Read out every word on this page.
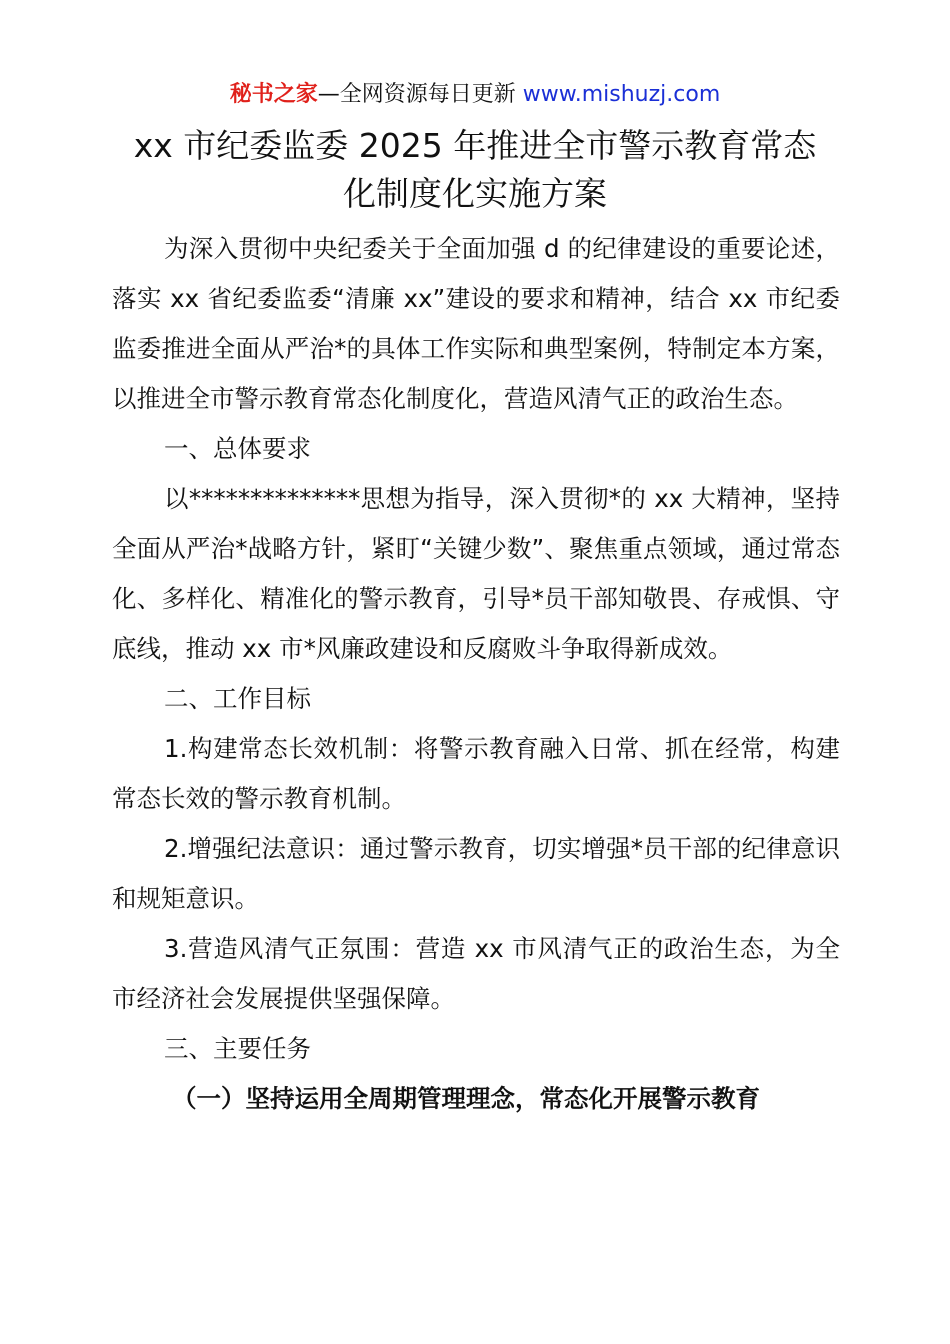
秘书之家—全网资源每日更新 www.mishuzj.com
xx 市纪委监委 2025 年推进全市警示教育常态
化制度化实施方案

为深入贯彻中央纪委关于全面加强 d 的纪律建设的重要论述，落实 xx 省纪委监委“清廉 xx”建设的要求和精神，结合 xx 市纪委监委推进全面从严治*的具体工作实际和典型案例，特制定本方案，以推进全市警示教育常态化制度化，营造风清气正的政治生态。

一、总体要求

以**************思想为指导，深入贯彻*的 xx 大精神，坚持全面从严治*战略方针，紧盯“关键少数”、聚焦重点领域，通过常态化、多样化、精准化的警示教育，引导*员干部知敬畏、存戒惧、守底线，推动 xx 市*风廉政建设和反腐败斗争取得新成效。

二、工作目标

1.构建常态长效机制：将警示教育融入日常、抓在经常，构建常态长效的警示教育机制。

2.增强纪法意识：通过警示教育，切实增强*员干部的纪律意识和规矩意识。

3.营造风清气正氛围：营造 xx 市风清气正的政治生态，为全市经济社会发展提供坚强保障。

三、主要任务

（一）坚持运用全周期管理理念，常态化开展警示教育
